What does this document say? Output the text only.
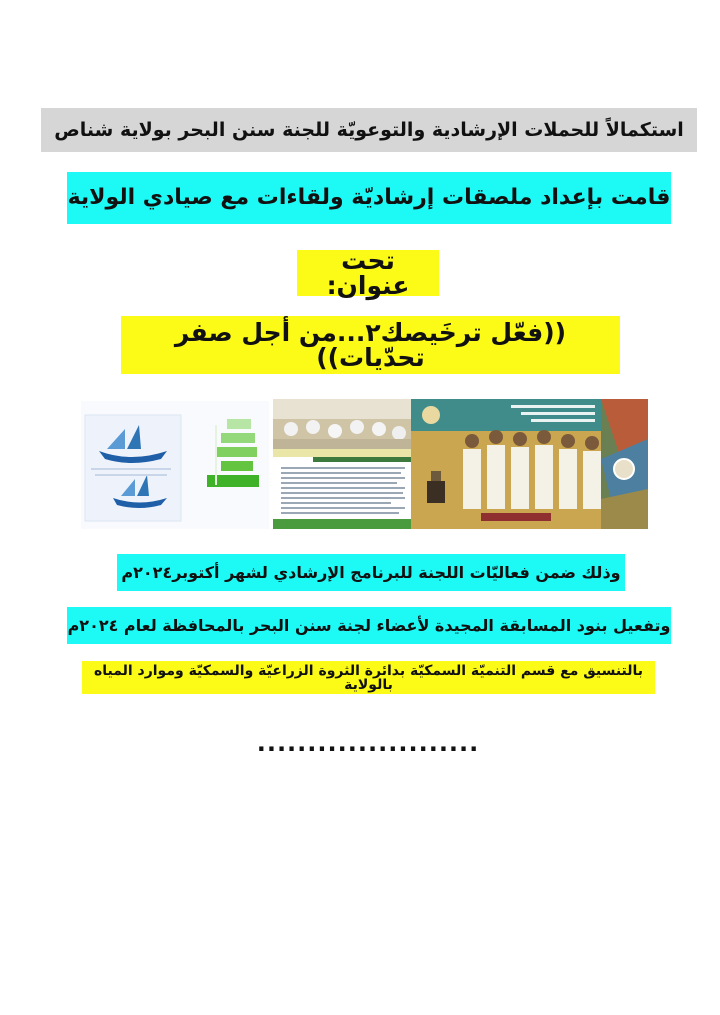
استكمالاً للحملات الإرشادية والتوعويّة للجنة سنن البحر بولاية شناص
قامت بإعداد ملصقات إرشاديّة ولقاءات مع صيادي الولاية
تحت عنوان:
((فعّل ترخَيصك٢...من أجل صفر تحدّيات))
وذلك ضمن فعاليّات اللجنة للبرنامج الإرشادي لشهر أكتوبر٢٠٢٤م
وتفعيل بنود المسابقة المجيدة لأعضاء لجنة سنن البحر بالمحافظة لعام ٢٠٢٤م
بالتنسيق مع قسم التنميّة السمكيّة بدائرة الثروة الزراعيّة والسمكيّة وموارد المياه بالولاية
......................
